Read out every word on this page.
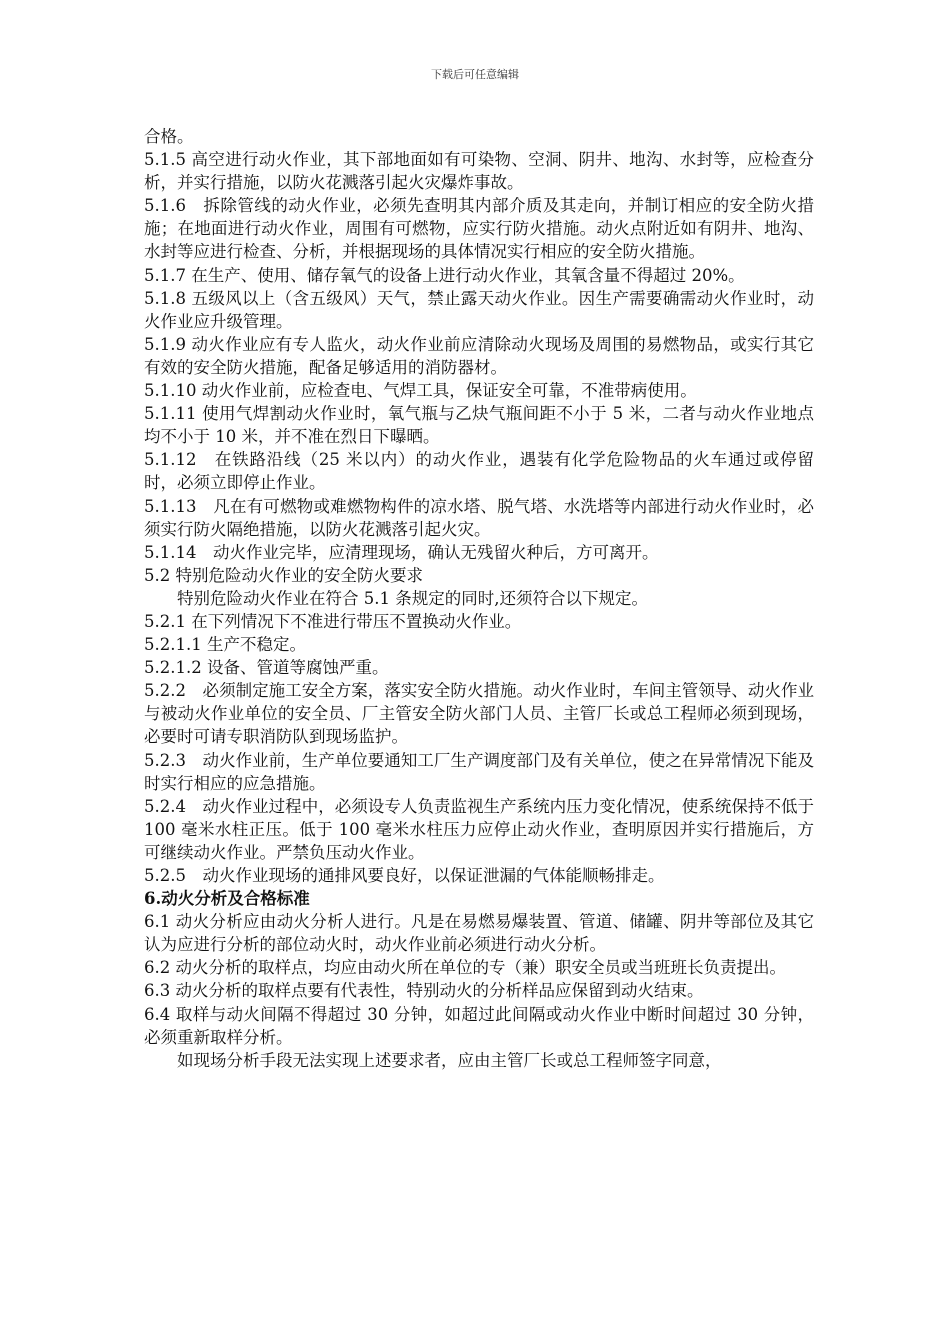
下载后可任意编辑

合格。

5.1.5 高空进行动火作业，其下部地面如有可染物、空洞、阴井、地沟、水封等，应检查分析，并实行措施，以防火花溅落引起火灾爆炸事故。

5.1.6　拆除管线的动火作业，必须先查明其内部介质及其走向，并制订相应的安全防火措施；在地面进行动火作业，周围有可燃物，应实行防火措施。动火点附近如有阴井、地沟、水封等应进行检查、分析，并根据现场的具体情况实行相应的安全防火措施。

5.1.7 在生产、使用、储存氧气的设备上进行动火作业，其氧含量不得超过 20%。

5.1.8 五级风以上（含五级风）天气，禁止露天动火作业。因生产需要确需动火作业时，动火作业应升级管理。

5.1.9 动火作业应有专人监火，动火作业前应清除动火现场及周围的易燃物品，或实行其它有效的安全防火措施，配备足够适用的消防器材。

5.1.10 动火作业前，应检查电、气焊工具，保证安全可靠，不准带病使用。

5.1.11 使用气焊割动火作业时，氧气瓶与乙炔气瓶间距不小于 5 米，二者与动火作业地点均不小于 10 米，并不准在烈日下曝晒。

5.1.12　在铁路沿线（25 米以内）的动火作业，遇装有化学危险物品的火车通过或停留时，必须立即停止作业。

5.1.13　凡在有可燃物或难燃物构件的凉水塔、脱气塔、水洗塔等内部进行动火作业时，必须实行防火隔绝措施，以防火花溅落引起火灾。

5.1.14　动火作业完毕，应清理现场，确认无残留火种后，方可离开。

5.2 特别危险动火作业的安全防火要求

特别危险动火作业在符合 5.1 条规定的同时,还须符合以下规定。

5.2.1 在下列情况下不准进行带压不置换动火作业。

5.2.1.1 生产不稳定。

5.2.1.2 设备、管道等腐蚀严重。

5.2.2　必须制定施工安全方案，落实安全防火措施。动火作业时，车间主管领导、动火作业与被动火作业单位的安全员、厂主管安全防火部门人员、主管厂长或总工程师必须到现场，必要时可请专职消防队到现场监护。

5.2.3　动火作业前，生产单位要通知工厂生产调度部门及有关单位，使之在异常情况下能及时实行相应的应急措施。

5.2.4　动火作业过程中，必须设专人负责监视生产系统内压力变化情况，使系统保持不低于 100 毫米水柱正压。低于 100 毫米水柱压力应停止动火作业，查明原因并实行措施后，方可继续动火作业。严禁负压动火作业。

5.2.5　动火作业现场的通排风要良好，以保证泄漏的气体能顺畅排走。

6.动火分析及合格标准

6.1 动火分析应由动火分析人进行。凡是在易燃易爆装置、管道、储罐、阴井等部位及其它认为应进行分析的部位动火时，动火作业前必须进行动火分析。

6.2 动火分析的取样点，均应由动火所在单位的专（兼）职安全员或当班班长负责提出。

6.3 动火分析的取样点要有代表性，特别动火的分析样品应保留到动火结束。

6.4 取样与动火间隔不得超过 30 分钟，如超过此间隔或动火作业中断时间超过 30 分钟，必须重新取样分析。

如现场分析手段无法实现上述要求者，应由主管厂长或总工程师签字同意，
